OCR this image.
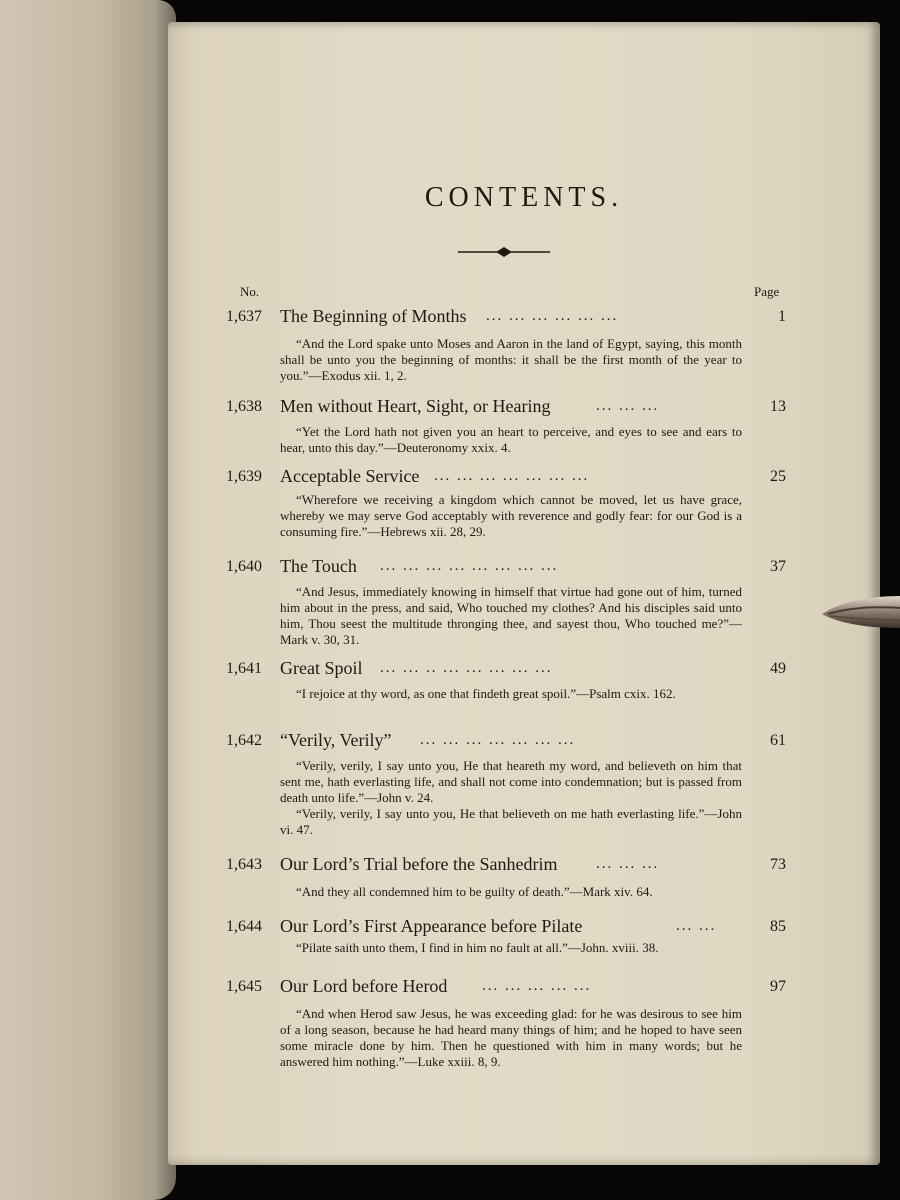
CONTENTS.
No.	Page
1,637 The Beginning of Months ... ... ... ... ... ...	1

“And the Lord spake unto Moses and Aaron in the land of Egypt, saying, this month shall be unto you the beginning of months: it shall be the first month of the year to you.”—Exodus xii. 1, 2.

1,638 Men without Heart, Sight, or Hearing	... ... ...	13

“Yet the Lord hath not given you an heart to perceive, and eyes to see and ears to hear, unto this day.”—Deuteronomy xxix. 4.

1,639 Acceptable Service ... ... ... ... ... ... ...	25

“Wherefore we receiving a kingdom which cannot be moved, let us have grace, whereby we may serve God acceptably with reverence and godly fear: for our God is a consuming fire.”—Hebrews xii. 28, 29.

1,640 The Touch ... ... ... ... ... ... ... ...	37

“And Jesus, immediately knowing in himself that virtue had gone out of him, turned him about in the press, and said, Who touched my clothes? And his disciples said unto him, Thou seest the multitude thronging thee, and sayest thou, Who touched me?”—Mark v. 30, 31.

1,641 Great Spoil ... ... .. ... ... ... ... ...	49

“I rejoice at thy word, as one that findeth great spoil.”—Psalm cxix. 162.

1,642 “Verily, Verily” ... ... ... ... ... ... ...	61

“Verily, verily, I say unto you, He that heareth my word, and believeth on him that sent me, hath everlasting life, and shall not come into condemnation; but is passed from death unto life.”—John v. 24.

“Verily, verily, I say unto you, He that believeth on me hath everlasting life.”—John vi. 47.

1,643 Our Lord’s Trial before the Sanhedrim	... ... ...	73

“And they all condemned him to be guilty of death.”—Mark xiv. 64.

1,644 Our Lord’s First Appearance before Pilate	... ...	85

“Pilate saith unto them, I find in him no fault at all.”—John. xviii. 38.

1,645 Our Lord before Herod ... ... ... ... ...	97

“And when Herod saw Jesus, he was exceeding glad: for he was desirous to see him of a long season, because he had heard many things of him; and he hoped to have seen some miracle done by him. Then he questioned with him in many words; but he answered him nothing.”—Luke xxiii. 8, 9.
